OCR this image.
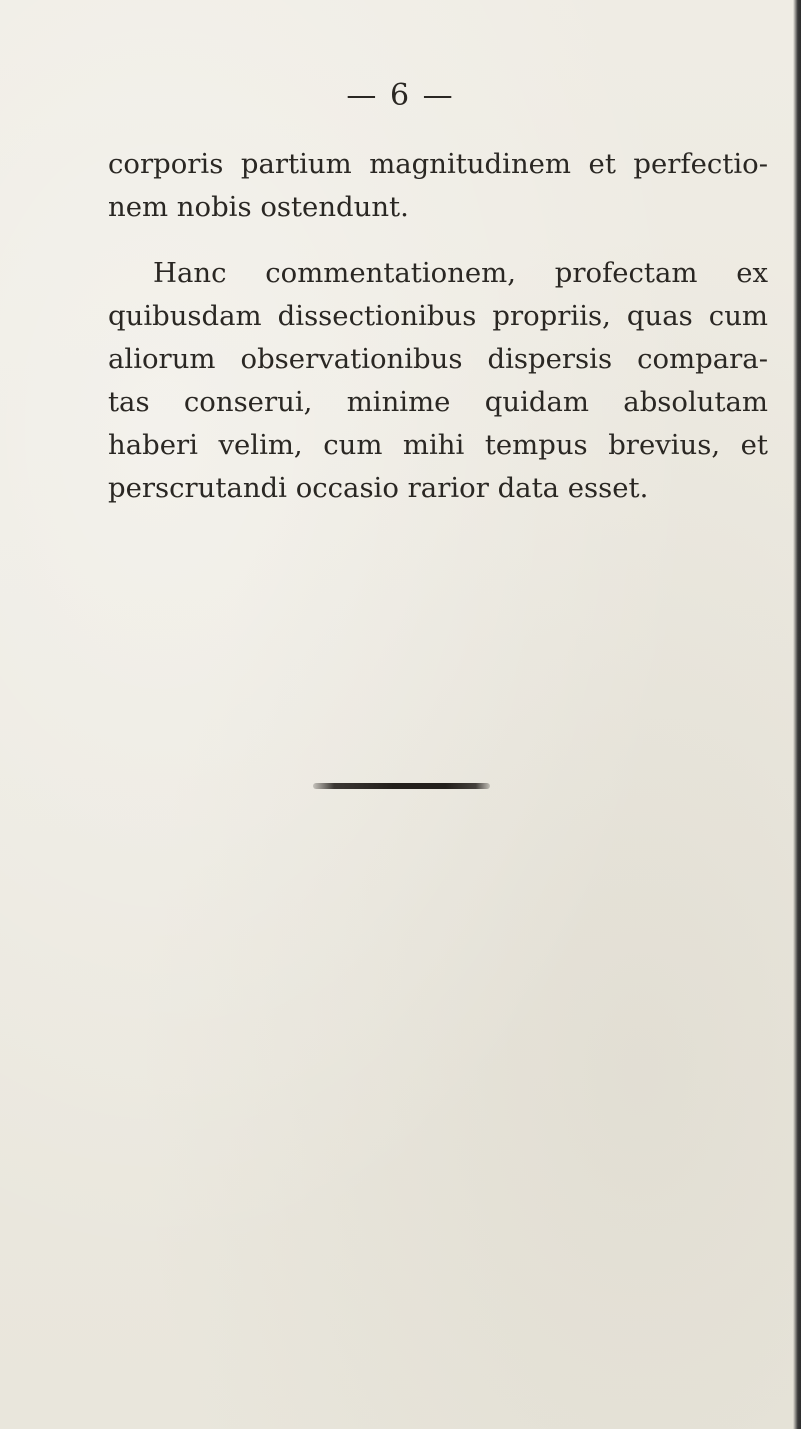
— 6 —
corporis partium magnitudinem et perfectio-
nem nobis ostendunt.
Hanc commentationem, profectam ex
quibusdam dissectionibus propriis, quas cum
aliorum observationibus dispersis compara-
tas conserui, minime quidam absolutam
haberi velim, cum mihi tempus brevius, et
perscrutandi occasio rarior data esset.
